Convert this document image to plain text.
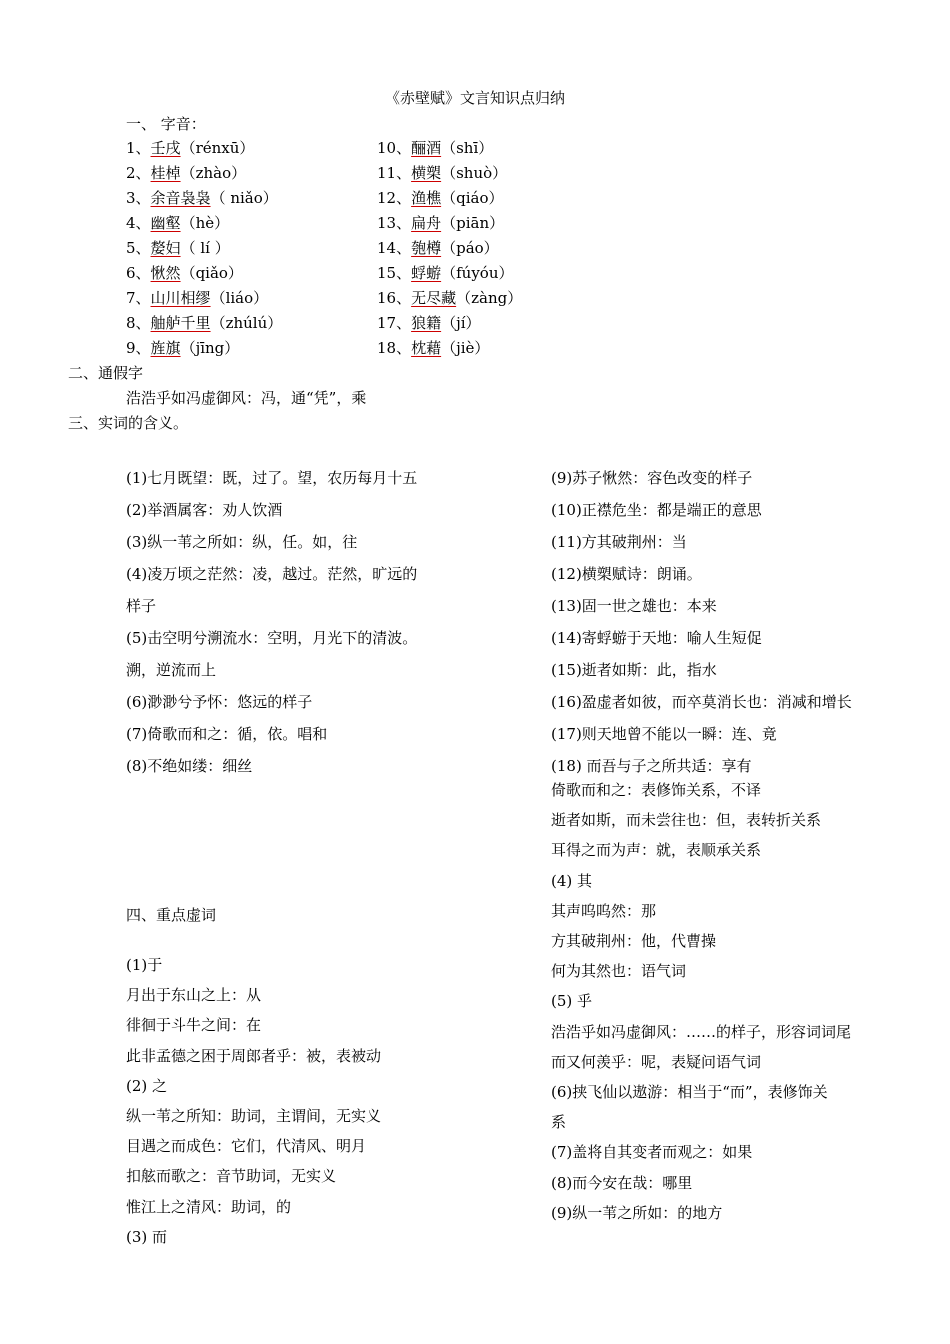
《赤壁赋》文言知识点归纳
一、 字音：
1、壬戌（rénxū）
2、桂棹（zhào）
3、余音袅袅（ niǎo）
4、幽壑（hè）
5、嫠妇（ lí ）
6、愀然（qiǎo）
7、山川相缪（liáo）
8、舳舻千里（zhúlú）
9、旌旗（jīng）
10、酾酒（shī）
11、横槊（shuò）
12、渔樵（qiáo）
13、扁舟（piān）
14、匏樽（páo）
15、蜉蝣（fúyóu）
16、无尽藏（zàng）
17、狼籍（jí）
18、枕藉（jiè）
二、通假字
浩浩乎如冯虚御风：冯，通“凭”，乘
三、实词的含义。
(1)七月既望：既，过了。望，农历每月十五
(2)举酒属客：劝人饮酒
(3)纵一苇之所如：纵，任。如，往
(4)凌万顷之茫然：凌，越过。茫然，旷远的
样子
(5)击空明兮溯流水：空明，月光下的清波。
溯，逆流而上
(6)渺渺兮予怀：悠远的样子
(7)倚歌而和之：循，依。唱和
(8)不绝如缕：细丝
(9)苏子愀然：容色改变的样子
(10)正襟危坐：都是端正的意思
(11)方其破荆州：当
(12)横槊赋诗：朗诵。
(13)固一世之雄也：本来
(14)寄蜉蝣于天地：喻人生短促
(15)逝者如斯：此，指水
(16)盈虚者如彼，而卒莫消长也：消减和增长
(17)则天地曾不能以一瞬：连、竟
(18) 而吾与子之所共适：享有
倚歌而和之：表修饰关系，不译
逝者如斯，而未尝往也：但，表转折关系
耳得之而为声：就，表顺承关系
(4) 其
其声呜呜然：那
方其破荆州：他，代曹操
何为其然也：语气词
(5) 乎
浩浩乎如冯虚御风：……的样子，形容词词尾
而又何羡乎：呢，表疑问语气词
(6)挟飞仙以遨游：相当于“而”，表修饰关
系
(7)盖将自其变者而观之：如果
(8)而今安在哉：哪里
(9)纵一苇之所如：的地方
四、重点虚词
(1)于
月出于东山之上：从
徘徊于斗牛之间：在
此非孟德之困于周郎者乎：被，表被动
(2) 之
纵一苇之所知：助词，主谓间，无实义
目遇之而成色：它们，代清风、明月
扣舷而歌之：音节助词，无实义
惟江上之清风：助词，的
(3) 而
